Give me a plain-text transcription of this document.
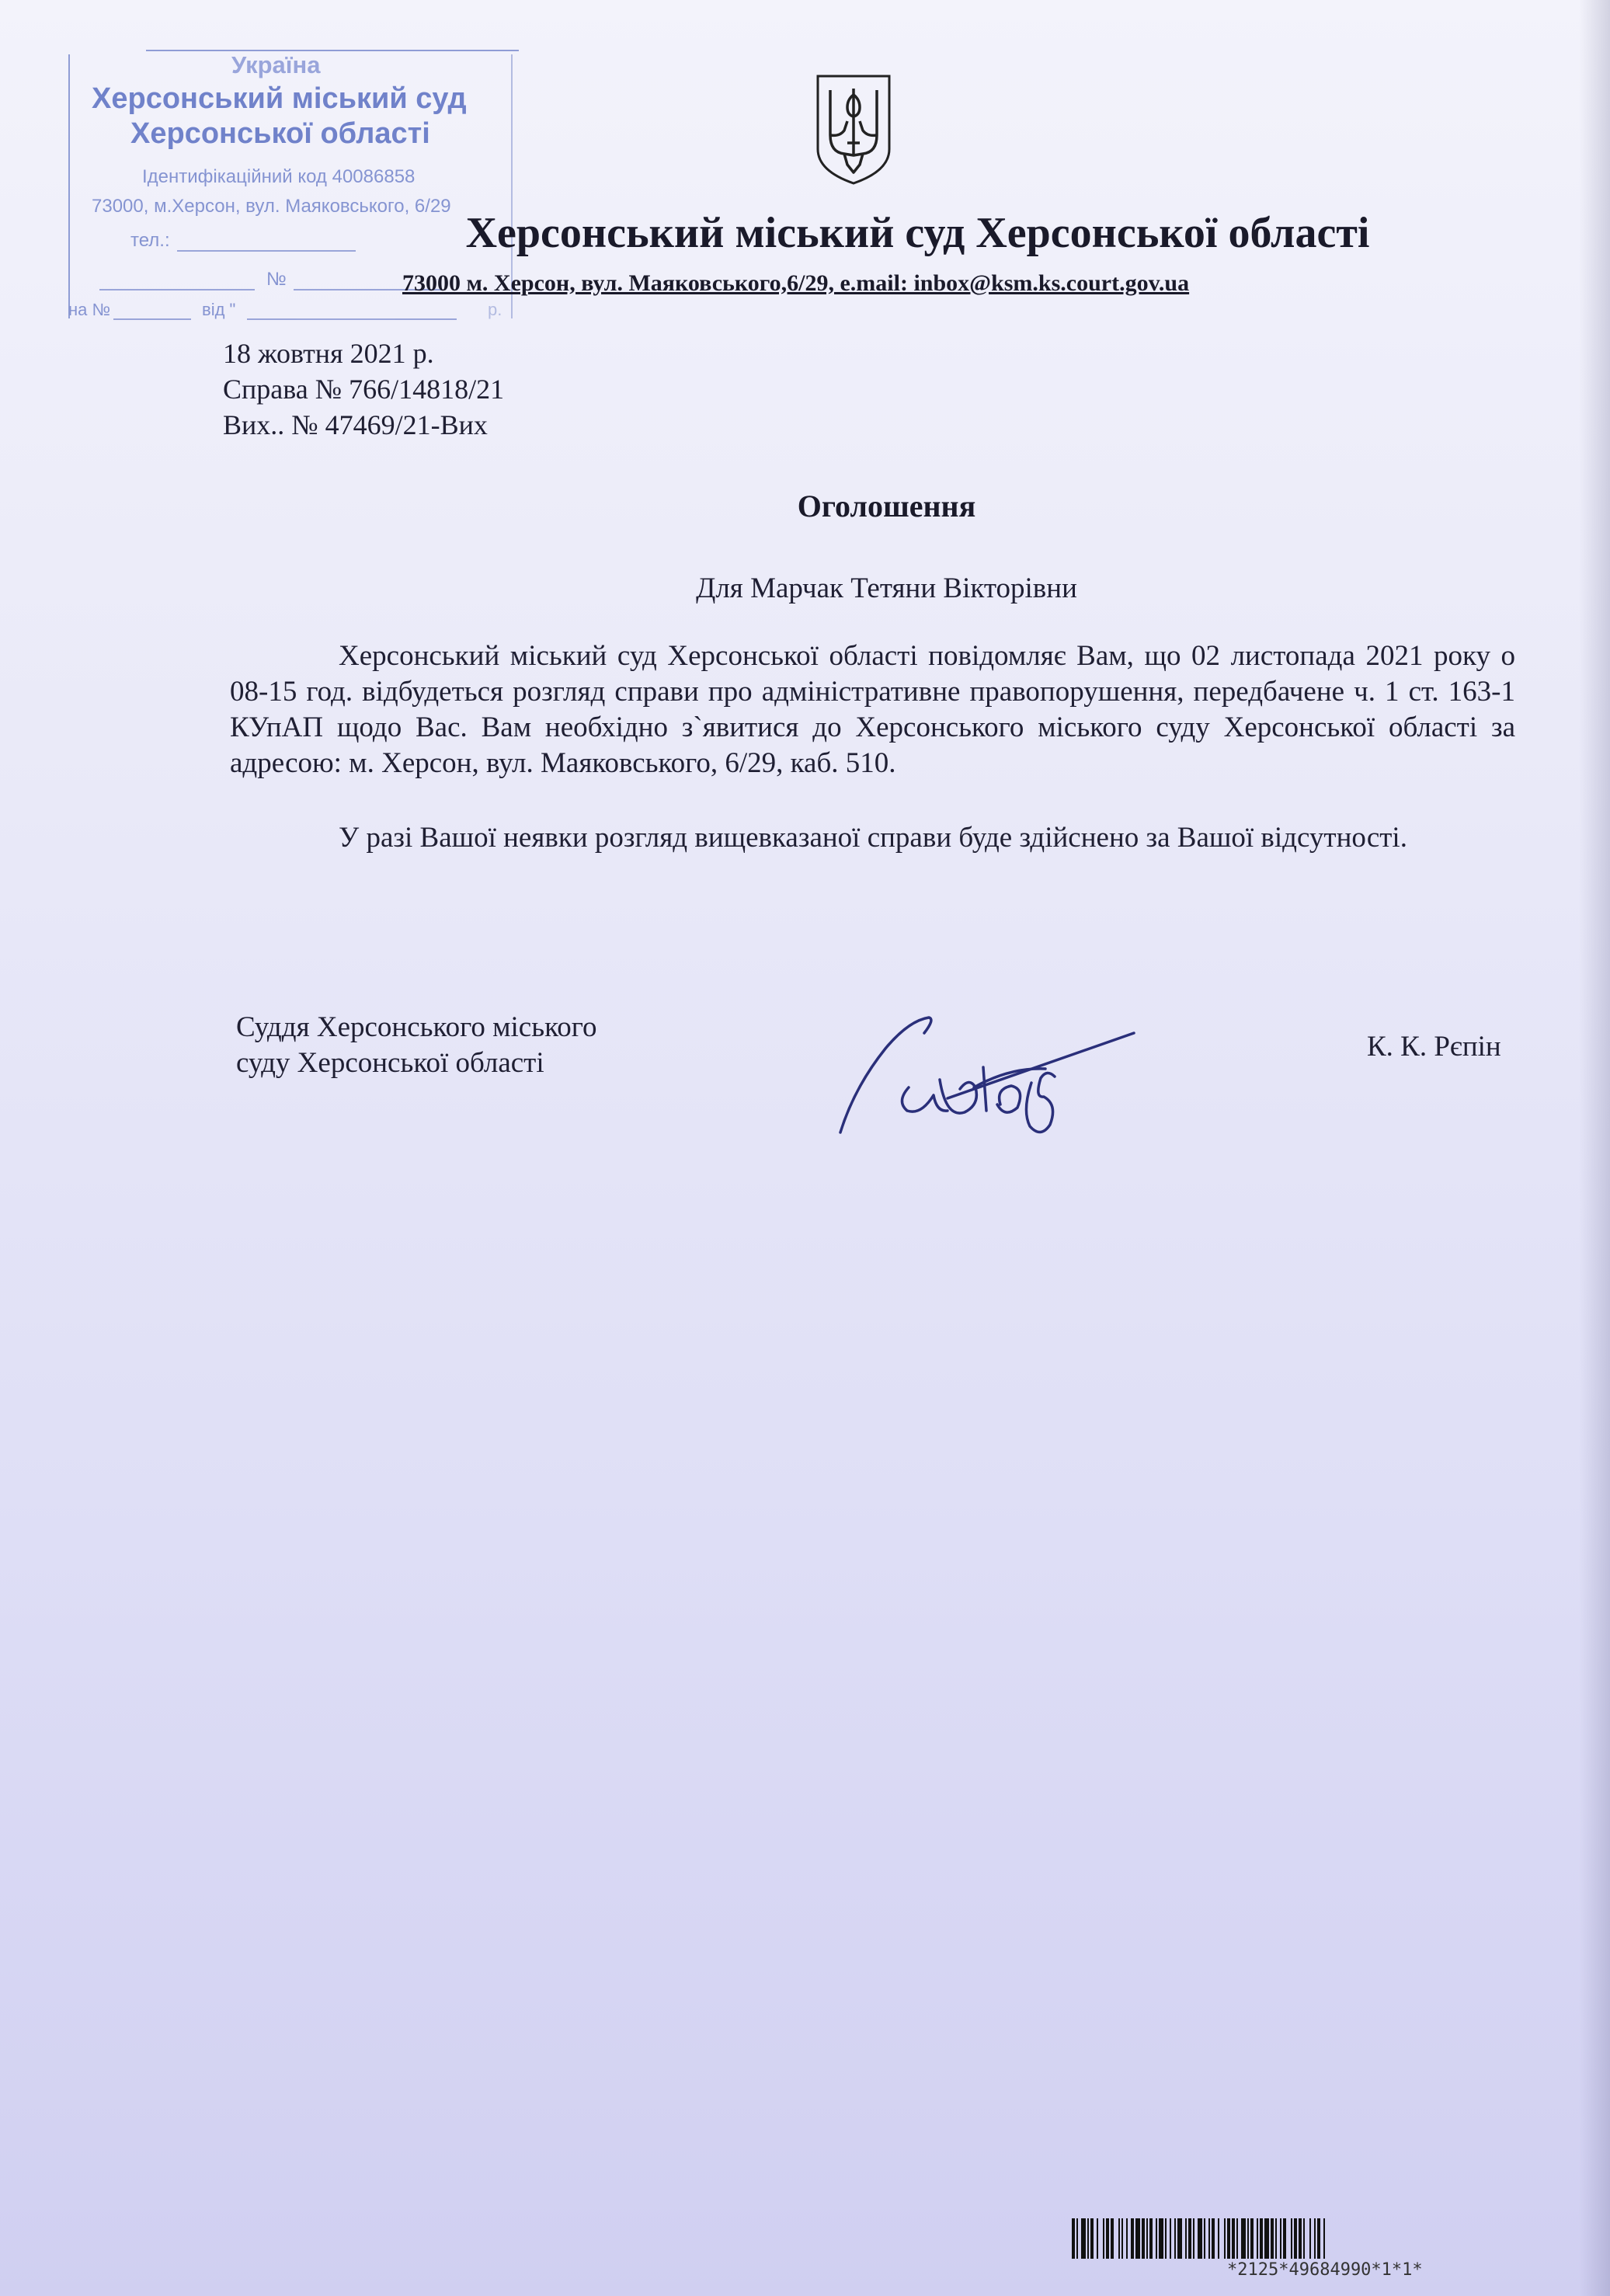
Україна
Херсонський міський суд
Херсонської області
Ідентифікаційний код 40086858
73000, м.Херсон, вул. Маяковського, 6/29
тел.:
№
на №	від "	р.
Херсонський міський суд Херсонської області
73000 м. Херсон, вул. Маяковського,6/29, e.mail: inbox@ksm.ks.court.gov.ua
18 жовтня 2021 р.
Справа № 766/14818/21
Вих.. № 47469/21-Вих
Оголошення
Для Марчак Тетяни Вікторівни

Херсонський міський суд Херсонської області повідомляє Вам, що 02 листопада 2021 року о 08-15 год. відбудеться розгляд справи про адміністративне правопорушення, передбачене ч. 1 ст. 163-1 КУпАП щодо Вас. Вам необхідно з`явитися до Херсонського міського суду Херсонської області за адресою: м. Херсон, вул. Маяковського, 6/29, каб. 510.

У разі Вашої неявки розгляд вищевказаної справи буде здійснено за Вашої відсутності.

Суддя Херсонського міського
суду Херсонської області
К. К. Рєпін
*2125*49684990*1*1*
